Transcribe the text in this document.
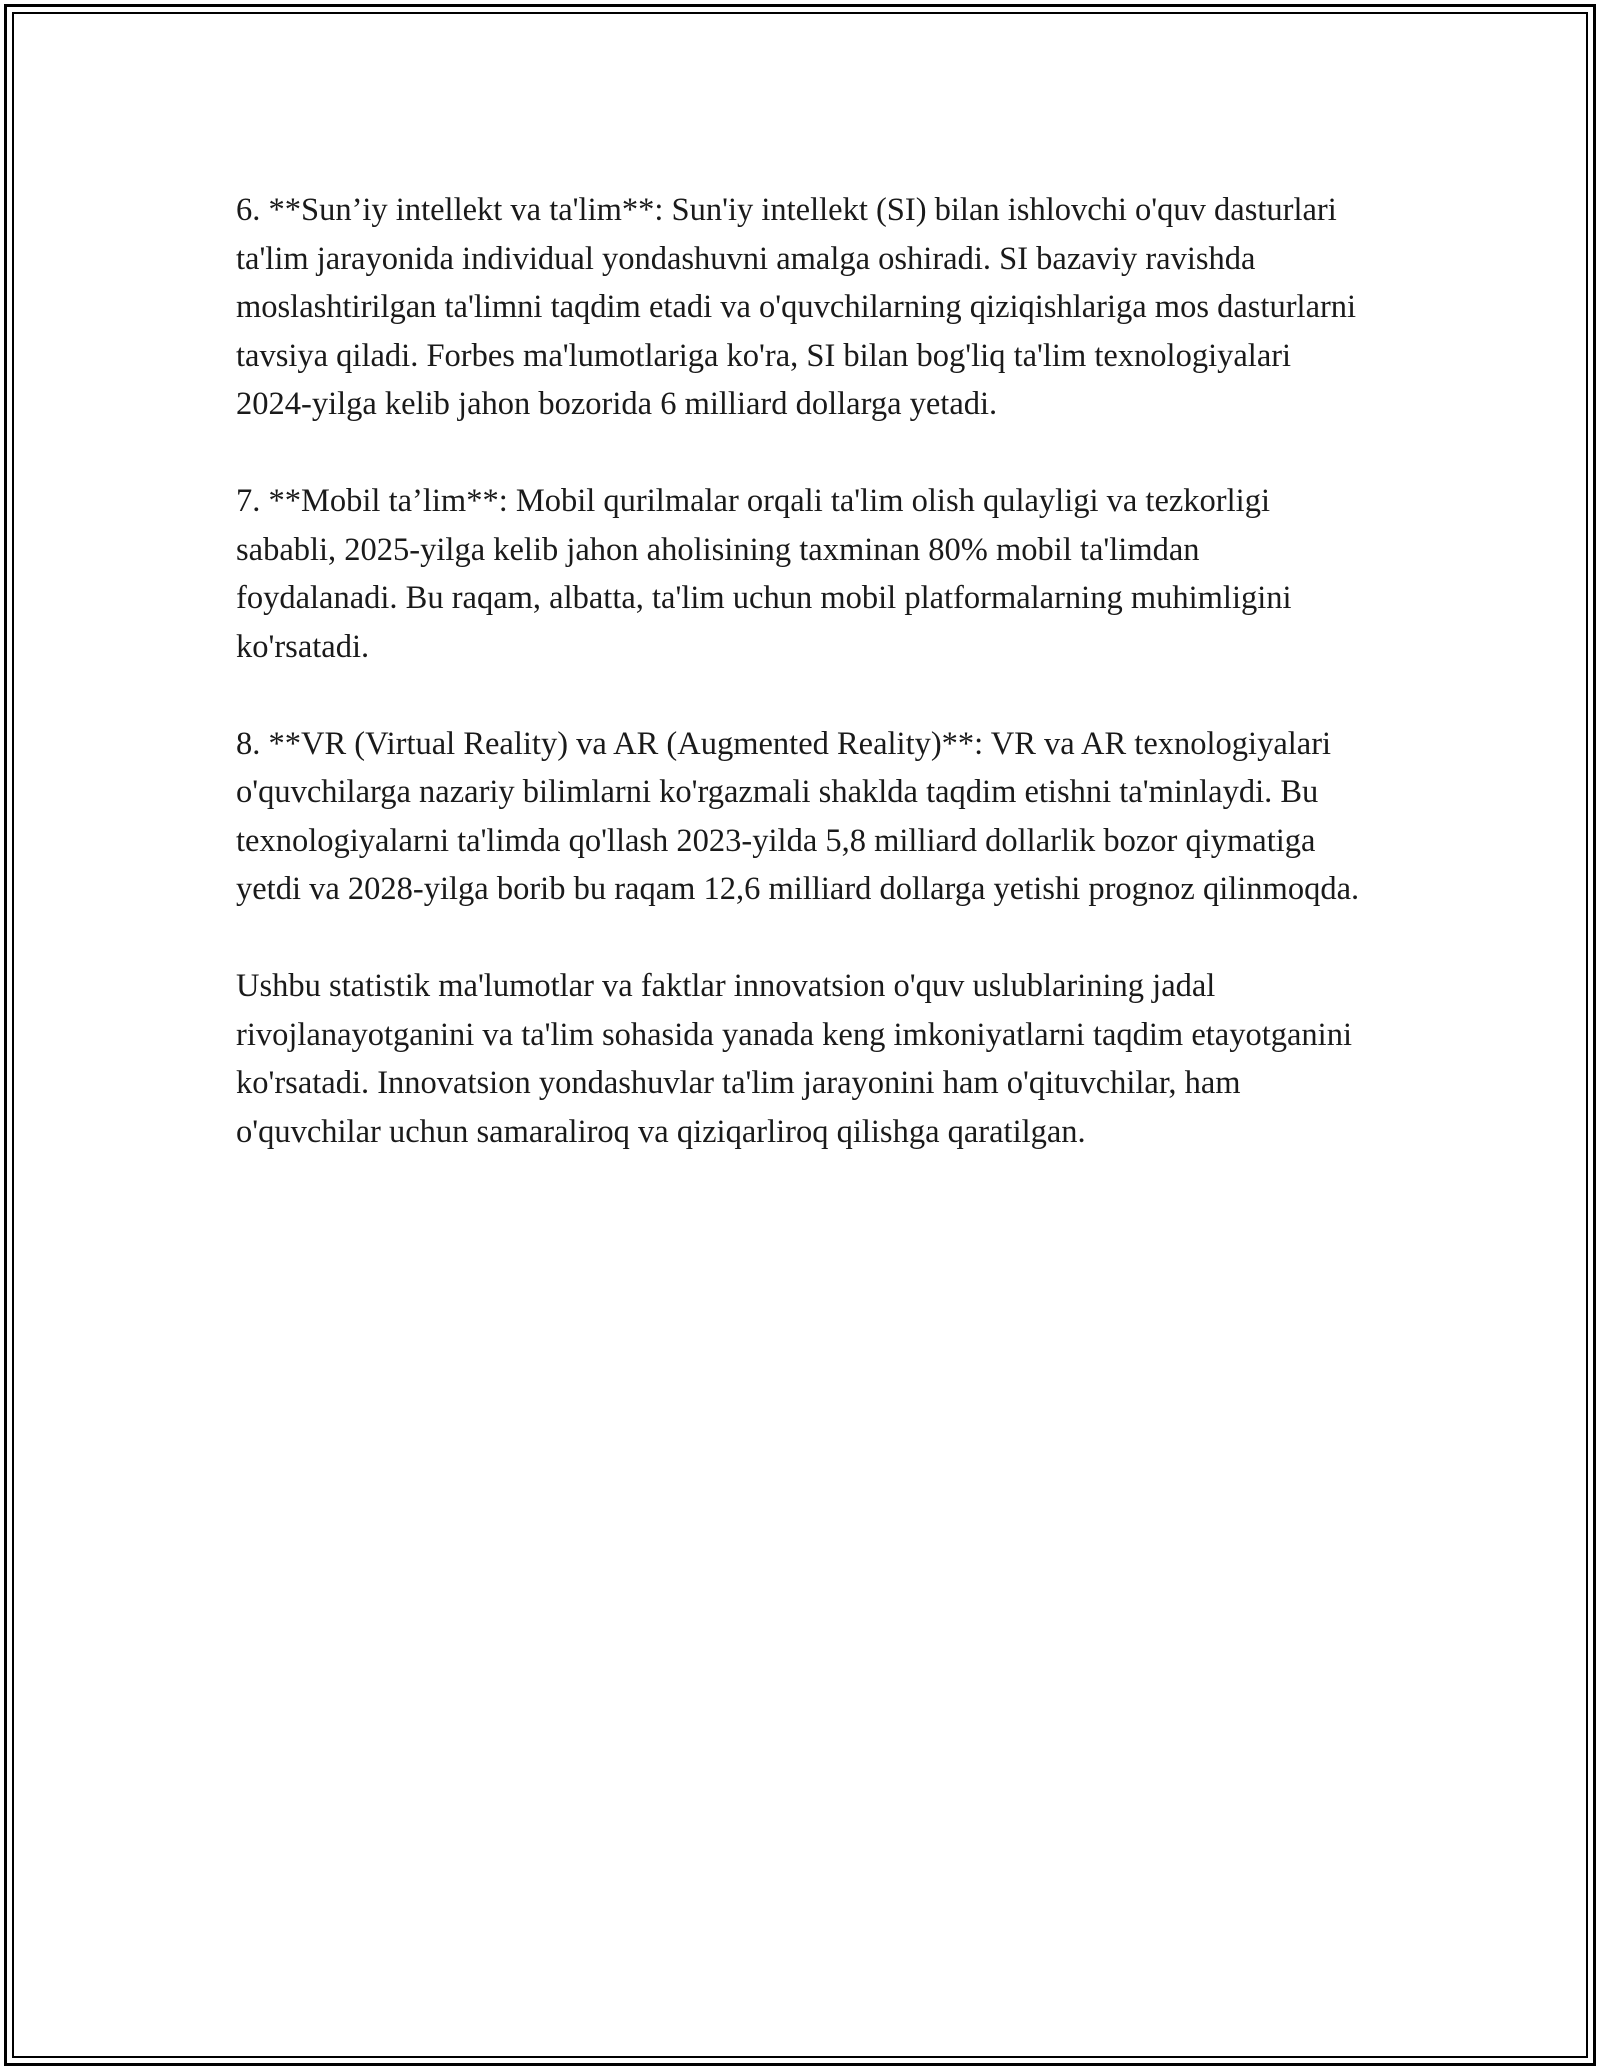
6. **Sun’iy intellekt va ta'lim**: Sun'iy intellekt (SI) bilan ishlovchi o'quv dasturlari ta'lim jarayonida individual yondashuvni amalga oshiradi. SI bazaviy ravishda moslashtirilgan ta'limni taqdim etadi va o'quvchilarning qiziqishlariga mos dasturlarni tavsiya qiladi. Forbes ma'lumotlariga ko'ra, SI bilan bog'liq ta'lim texnologiyalari 2024-yilga kelib jahon bozorida 6 milliard dollarga yetadi.

7. **Mobil ta’lim**: Mobil qurilmalar orqali ta'lim olish qulayligi va tezkorligi sababli, 2025-yilga kelib jahon aholisining taxminan 80% mobil ta'limdan foydalanadi. Bu raqam, albatta, ta'lim uchun mobil platformalarning muhimligini ko'rsatadi.

8. **VR (Virtual Reality) va AR (Augmented Reality)**: VR va AR texnologiyalari o'quvchilarga nazariy bilimlarni ko'rgazmali shaklda taqdim etishni ta'minlaydi. Bu texnologiyalarni ta'limda qo'llash 2023-yilda 5,8 milliard dollarlik bozor qiymatiga yetdi va 2028-yilga borib bu raqam 12,6 milliard dollarga yetishi prognoz qilinmoqda.

Ushbu statistik ma'lumotlar va faktlar innovatsion o'quv uslublarining jadal rivojlanayotganini va ta'lim sohasida yanada keng imkoniyatlarni taqdim etayotganini ko'rsatadi. Innovatsion yondashuvlar ta'lim jarayonini ham o'qituvchilar, ham o'quvchilar uchun samaraliroq va qiziqarliroq qilishga qaratilgan.
